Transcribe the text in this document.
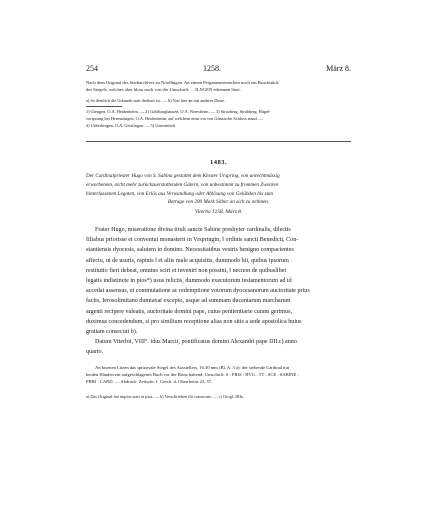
254	1258.	März 8.
Nach dem Original des Stadtarchives zu Nördlingen. An einem Pergamentriemchen noch ein Bruchstück
des Siegels, welches aber bloss noch von der Umschrift: . . ILNGEN erkennen lässt.
a) So deutlich die Urkunde statt dedissit sic. — b) Von hier an mit anderer Dinte.
1) Giengen, O.A. Heidenheim. — 2) Goldburghausen, O.A. Neresheim. — 3) Struoberg, Strübberg, Hügel-
vorsprung bei Hermaringen, O.A. Heidenheim, auf welchem einst ein von Günsische Schloss stand. —
4) Ueberkingen, O.A. Geislingen. — 5) Unermittelt.
1483.
Der Cardinalpriester Hugo von S. Sabina gestattet dem Kloster Urspring, von unrechtmässig
erworbenem, nicht mehr zurückzuerstattenden Gütern, von unbestimmt zu frommen Zwecken
hinterlassenen Legaten, von Erlös aus Verwandlung oder Ablösung von Gelübden bis zum
Betrage von 200 Mark Silber an sich zu nehmen.
Viterbo 1258. März 8.
Frater Hugo, miseratione divina tituli sancte Sabine presbyter cardinalis, dilectis
filiabus priorisse et conventui monasterii in Vrspringin, ‖ ordinis sancti Benedicti, Con-
stantiensis dyocesis, salutem in domino. Necessitatibus vestris benigno compacientes
affectu, ut de usuris, rapinis ‖ et aliis male acquisitis, dummodo hii, quibus ipsorum
restitutio fieri debeat, omnino sciri et inveniri non possint, ‖ necnon de quibuslibet
legatis indistincte in pios*) usus relictis, dummodo executorum testamentorum ad id
accedat assensus, et commutatione ac redemptione votorum dyocesanorum auctoritate prius
factis, Ierosolimitano dumtaxat excepto, usque ad summam ducentarum marcharum
argenti recipere valeatis, auctoritate domini pape, cuius penitentiarie curam gerimus,
duximus concedendum, si pro similium receptione alias non sitis a sede apostolica huius
gratiam consecuti b).
Datum Viterbii, VIII°. idus Marcii, pontificatus domini Alexandri pape IIII.c) anno
quarto.
An bisenen Litzen das spitzovale Siegel des Ausstellers, 16,30 mm (Bl. A. 3 a): der stehende Cardinal mit
beiden Händen ein aufgeschlagenes Buch vor die Brust haltend; Umschrift: S : FRIS : HVG : TT : SCE : SABINE :
PBRI : CARD. — Abdruck: Zeitschr. f. Gesch. d. Oberrheins 23, 57.
a) Das Original hat impios statt in pios. — b) Verschrieben für consecute. — c) Orogl. IIIIo.
